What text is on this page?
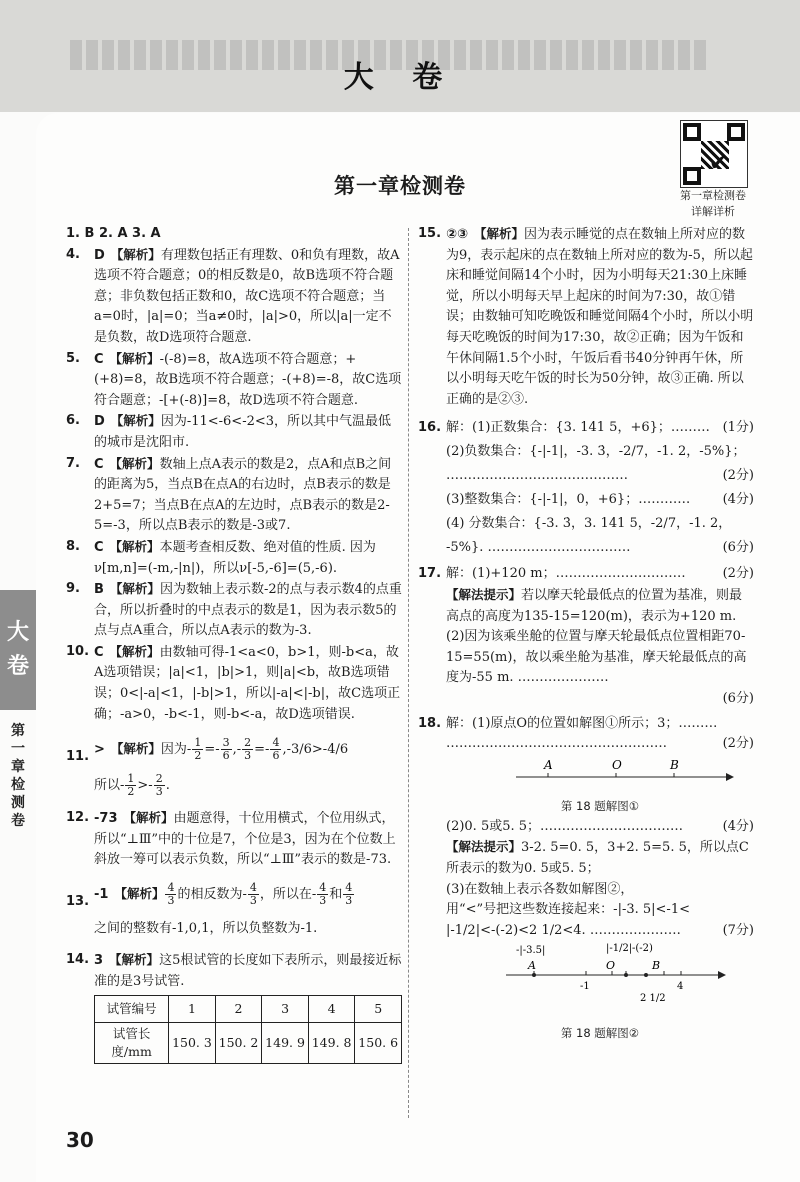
大 卷
✔
第一章检测卷
详解详析
第一章检测卷
大
卷
第
一
章
检
测
卷
1. B 2. A 3. A
4. D 【解析】有理数包括正有理数、0和负有理数，故A选项不符合题意；0的相反数是0，故B选项不符合题意；非负数包括正数和0，故C选项不符合题意；当a=0时，|a|=0；当a≠0时，|a|>0，所以|a|一定不是负数，故D选项符合题意.
5. C 【解析】-(-8)=8，故A选项不符合题意；+(+8)=8，故B选项不符合题意；-(+8)=-8，故C选项符合题意；-[+(-8)]=8，故D选项不符合题意.
6. D 【解析】因为-11<-6<-2<3，所以其中气温最低的城市是沈阳市.
7. C 【解析】数轴上点A表示的数是2，点A和点B之间的距离为5，当点B在点A的右边时，点B表示的数是2+5=7；当点B在点A的左边时，点B表示的数是2-5=-3，所以点B表示的数是-3或7.
8. C 【解析】本题考查相反数、绝对值的性质. 因为ν[m,n]=(-m,-|n|)，所以ν[-5,-6]=(5,-6).
9. B 【解析】因为数轴上表示数-2的点与表示数4的点重合，所以折叠时的中点表示的数是1，因为表示数5的点与点A重合，所以点A表示的数为-3.
10. C 【解析】由数轴可得-1<a<0，b>1，则-b<a，故A选项错误；|a|<1，|b|>1，则|a|<b，故B选项错误；0<|-a|<1，|-b|>1，所以|-a|<|-b|，故C选项正确；-a>0，-b<-1，则-b<-a，故D选项错误.
11. > 【解析】因为- $\frac{1}{2} =- \frac{3}{6}$ ,- $\frac{2}{3} =- \frac{4}{6} ,-3/6>-4/6$
所以- $\frac{1}{2} >- \frac{2}{3}$ .
12. -73 【解析】由题意得，十位用横式，个位用纵式，所以“⊥Ⅲ”中的十位是7，个位是3，因为在个位数上斜放一筹可以表示负数，所以“⊥Ⅲ”表示的数是-73.
13. -1 【解析】 $\frac{4}{3}$ 的相反数为- $\frac{4}{3}$ ，所以在- $\frac{4}{3}$ 和 $\frac{4}{3}$

之间的整数有-1,0,1，所以负整数为-1.
14. 3 【解析】这5根试管的长度如下表所示，则最接近标准的是3号试管.
试管编号	1	2	3	4	5
试管长度/mm	150. 3	150. 2	149. 9	149. 8	150. 6
15. ②③ 【解析】因为表示睡觉的点在数轴上所对应的数为9，表示起床的点在数轴上所对应的数为-5，所以起床和睡觉间隔14个小时，因为小明每天21:30上床睡觉，所以小明每天早上起床的时间为7:30，故①错误；由数轴可知吃晚饭和睡觉间隔4个小时，所以小明每天吃晚饭的时间为17:30，故②正确；因为午饭和午休间隔1.5个小时，午饭后看书40分钟再午休，所以小明每天吃午饭的时长为50分钟，故③正确. 所以正确的是②③.
16. 解：(1)正数集合：{3. 141 5，+6}；……… (1分)
(2)负数集合：{-|-1|，-3. 3̇，-2/7，-1. 2，-5%}；
……………………………………	(2分)
(3)整数集合：{-|-1|，0，+6}；………… (4分)
(4) 分数集合：{-3. 3̇，3. 141 5，-2/7，-1. 2，
-5%}. ……………………………	(6分)
17. 解：(1)+120 m；…………………………	(2分)
【解法提示】若以摩天轮最低点的位置为基准，则最高点的高度为135-15=120(m)，表示为+120 m.
(2)因为该乘坐舱的位置与摩天轮最低点位置相距70-15=55(m)，故以乘坐舱为基准，摩天轮最低点的高度为-55 m. …………………
(6分)
18. 解：(1)原点O的位置如解图①所示；3；………
……………………………………………	(2分)
A	O	B
第 18 题解图①
(2)0. 5或5. 5；……………………………	(4分)
【解法提示】3-2. 5=0. 5，3+2. 5=5. 5，所以点C所表示的数为0. 5或5. 5；
(3)在数轴上表示各数如解图②，
用“<”号把这些数连接起来：-|-3. 5|<-1<
|-1/2|<-(-2)<2 1/2<4. …………………	(7分)
-|-3.5|
A
|-1/2| -(-2)
O	B
-1	4
2 1/2
第 18 题解图②
30
